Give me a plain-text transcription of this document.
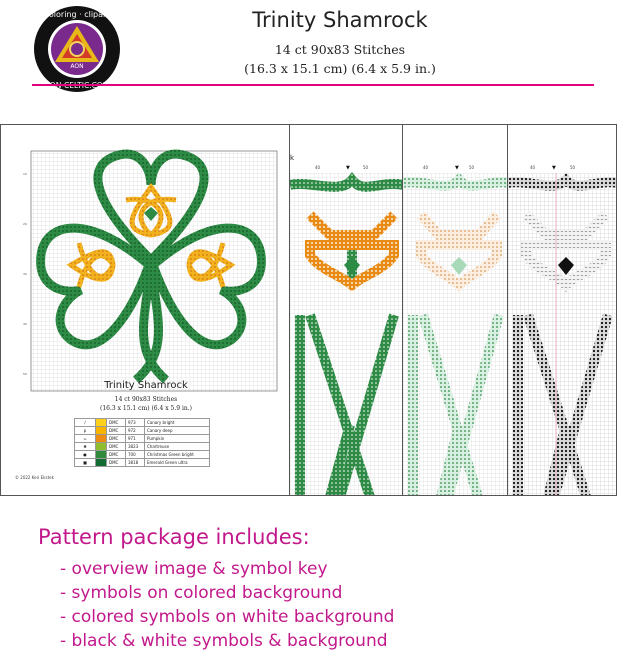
coloring · clipart
AON
Trinity Shamrock
14 ct 90x83 Stitches
(16.3 x 15.1 cm) (6.4 x 5.9 in.)
10
20
30
40
50
Trinity Shamrock
14 ct 90x83 Stitches
(16.3 x 15.1 cm) (6.4 x 5.9 in.)
/		DMC	973	Canary bright
p		DMC	972	Canary deep
=		DMC	971	Pumpkin
♣		DMC	3823	Chartreuse
●		DMC	700	Christmas Green bright
■		DMC	3818	Emerald Green ultra
© 2022 Keri Ekstek
k
40	▼	50	40	▼	50	40	▼	50
Pattern package includes:
- overview image & symbol key
- symbols on colored background
- colored symbols on white background
- black & white symbols & background
